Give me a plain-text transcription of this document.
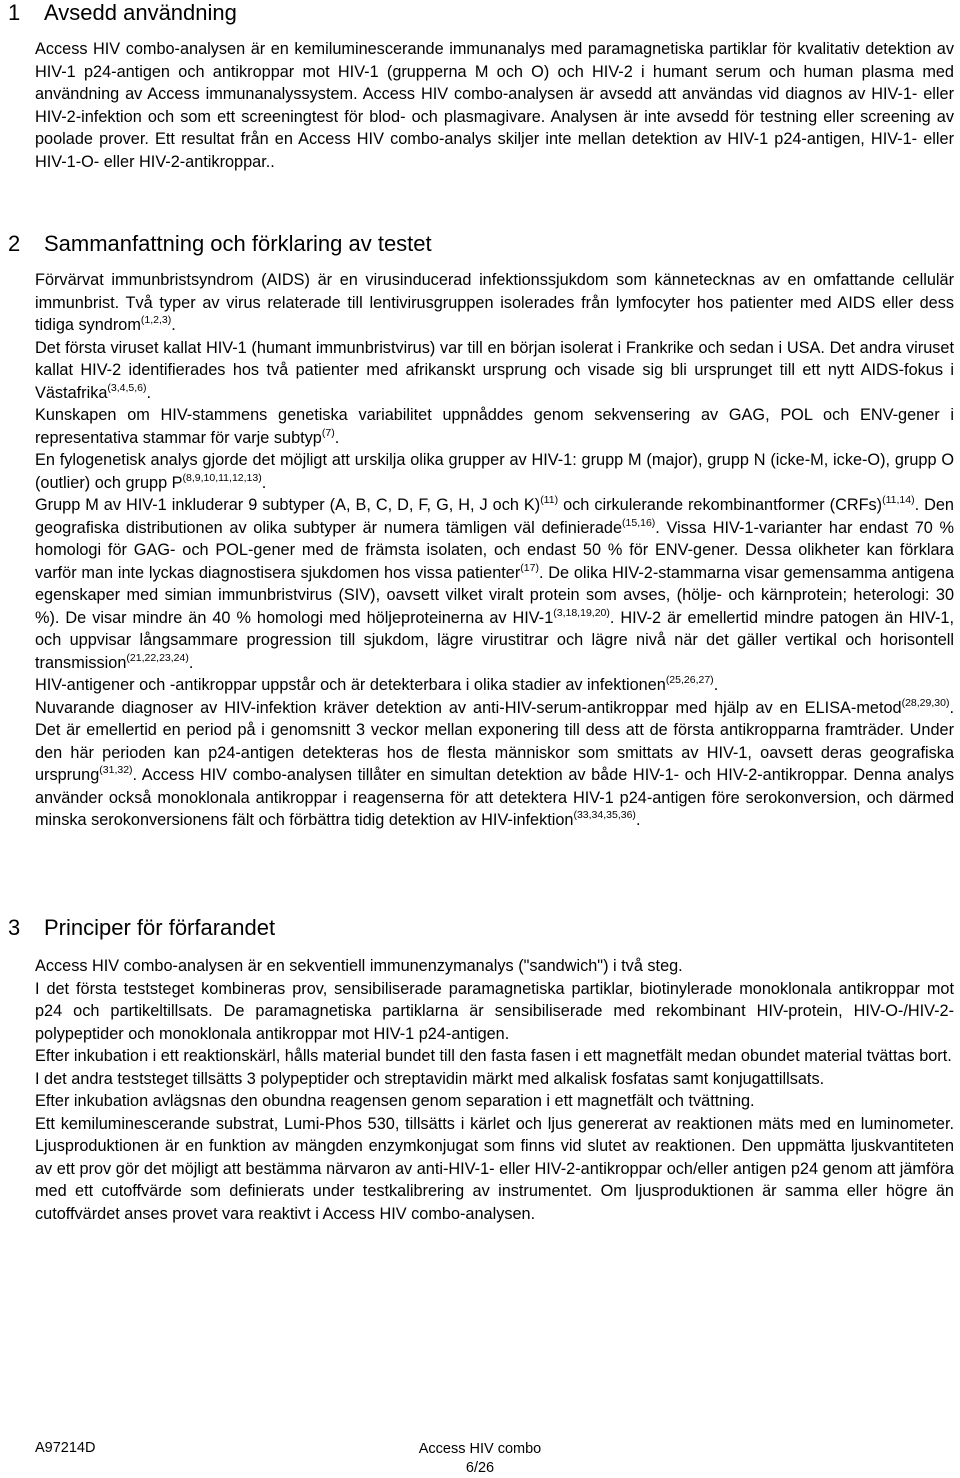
1 Avsedd användning

Access HIV combo-analysen är en kemiluminescerande immunanalys med paramagnetiska partiklar för kvalitativ detektion av HIV-1 p24-antigen och antikroppar mot HIV-1 (grupperna M och O) och HIV-2 i humant serum och human plasma med användning av Access immunanalyssystem. Access HIV combo-analysen är avsedd att användas vid diagnos av HIV-1- eller HIV-2-infektion och som ett screeningtest för blod- och plasmagivare. Analysen är inte avsedd för testning eller screening av poolade prover. Ett resultat från en Access HIV combo-analys skiljer inte mellan detektion av HIV-1 p24-antigen, HIV-1- eller HIV-1-O- eller HIV-2-antikroppar..

2 Sammanfattning och förklaring av testet

Förvärvat immunbristsyndrom (AIDS) är en virusinducerad infektionssjukdom som kännetecknas av en omfattande cellulär immunbrist. Två typer av virus relaterade till lentivirusgruppen isolerades från lymfocyter hos patienter med AIDS eller dess tidiga syndrom$^{(1,2,3)}$.

Det första viruset kallat HIV-1 (humant immunbristvirus) var till en början isolerat i Frankrike och sedan i USA. Det andra viruset kallat HIV-2 identifierades hos två patienter med afrikanskt ursprung och visade sig bli ursprunget till ett nytt AIDS-fokus i Västafrika$^{(3,4,5,6)}$.

Kunskapen om HIV-stammens genetiska variabilitet uppnåddes genom sekvensering av GAG, POL och ENV-gener i representativa stammar för varje subtyp$^{(7)}$.

En fylogenetisk analys gjorde det möjligt att urskilja olika grupper av HIV-1: grupp M (major), grupp N (icke-M, icke-O), grupp O (outlier) och grupp P$^{(8,9,10,11,12,13)}$.

Grupp M av HIV-1 inkluderar 9 subtyper (A, B, C, D, F, G, H, J och K)$^{(11)}$ och cirkulerande rekombinantformer (CRFs)$^{(11,14)}$. Den geografiska distributionen av olika subtyper är numera tämligen väl definierade$^{(15,16)}$. Vissa HIV-1-varianter har endast 70 % homologi för GAG- och POL-gener med de främsta isolaten, och endast 50 % för ENV-gener. Dessa olikheter kan förklara varför man inte lyckas diagnostisera sjukdomen hos vissa patienter$^{(17)}$. De olika HIV-2-stammarna visar gemensamma antigena egenskaper med simian immunbristvirus (SIV), oavsett vilket viralt protein som avses, (hölje- och kärnprotein; heterologi: 30 %). De visar mindre än 40 % homologi med höljeproteinerna av HIV-1$^{(3,18,19,20)}$. HIV-2 är emellertid mindre patogen än HIV-1, och uppvisar långsammare progression till sjukdom, lägre virustitrar och lägre nivå när det gäller vertikal och horisontell transmission$^{(21,22,23,24)}$.

HIV-antigener och -antikroppar uppstår och är detekterbara i olika stadier av infektionen$^{(25,26,27)}$.

Nuvarande diagnoser av HIV-infektion kräver detektion av anti-HIV-serum-antikroppar med hjälp av en ELISA-metod$^{(28,29,30)}$. Det är emellertid en period på i genomsnitt 3 veckor mellan exponering till dess att de första antikropparna framträder. Under den här perioden kan p24-antigen detekteras hos de flesta människor som smittats av HIV-1, oavsett deras geografiska ursprung$^{(31,32)}$. Access HIV combo-analysen tillåter en simultan detektion av både HIV-1- och HIV-2-antikroppar. Denna analys använder också monoklonala antikroppar i reagenserna för att detektera HIV-1 p24-antigen före serokonversion, och därmed minska serokonversionens fält och förbättra tidig detektion av HIV-infektion$^{(33,34,35,36)}$.

3 Principer för förfarandet

Access HIV combo-analysen är en sekventiell immunenzymanalys ("sandwich") i två steg.

I det första teststeget kombineras prov, sensibiliserade paramagnetiska partiklar, biotinylerade monoklonala antikroppar mot p24 och partikeltillsats. De paramagnetiska partiklarna är sensibiliserade med rekombinant HIV-protein, HIV-O-/HIV-2-polypeptider och monoklonala antikroppar mot HIV-1 p24-antigen.

Efter inkubation i ett reaktionskärl, hålls material bundet till den fasta fasen i ett magnetfält medan obundet material tvättas bort.

I det andra teststeget tillsätts 3 polypeptider och streptavidin märkt med alkalisk fosfatas samt konjugattillsats.

Efter inkubation avlägsnas den obundna reagensen genom separation i ett magnetfält och tvättning.

Ett kemiluminescerande substrat, Lumi-Phos 530, tillsätts i kärlet och ljus genererat av reaktionen mäts med en luminometer. Ljusproduktionen är en funktion av mängden enzymkonjugat som finns vid slutet av reaktionen. Den uppmätta ljuskvantiteten av ett prov gör det möjligt att bestämma närvaron av anti-HIV-1- eller HIV-2-antikroppar och/eller antigen p24 genom att jämföra med ett cutoffvärde som definierats under testkalibrering av instrumentet. Om ljusproduktionen är samma eller högre än cutoffvärdet anses provet vara reaktivt i Access HIV combo-analysen.

A97214D	Access HIV combo
6/26
